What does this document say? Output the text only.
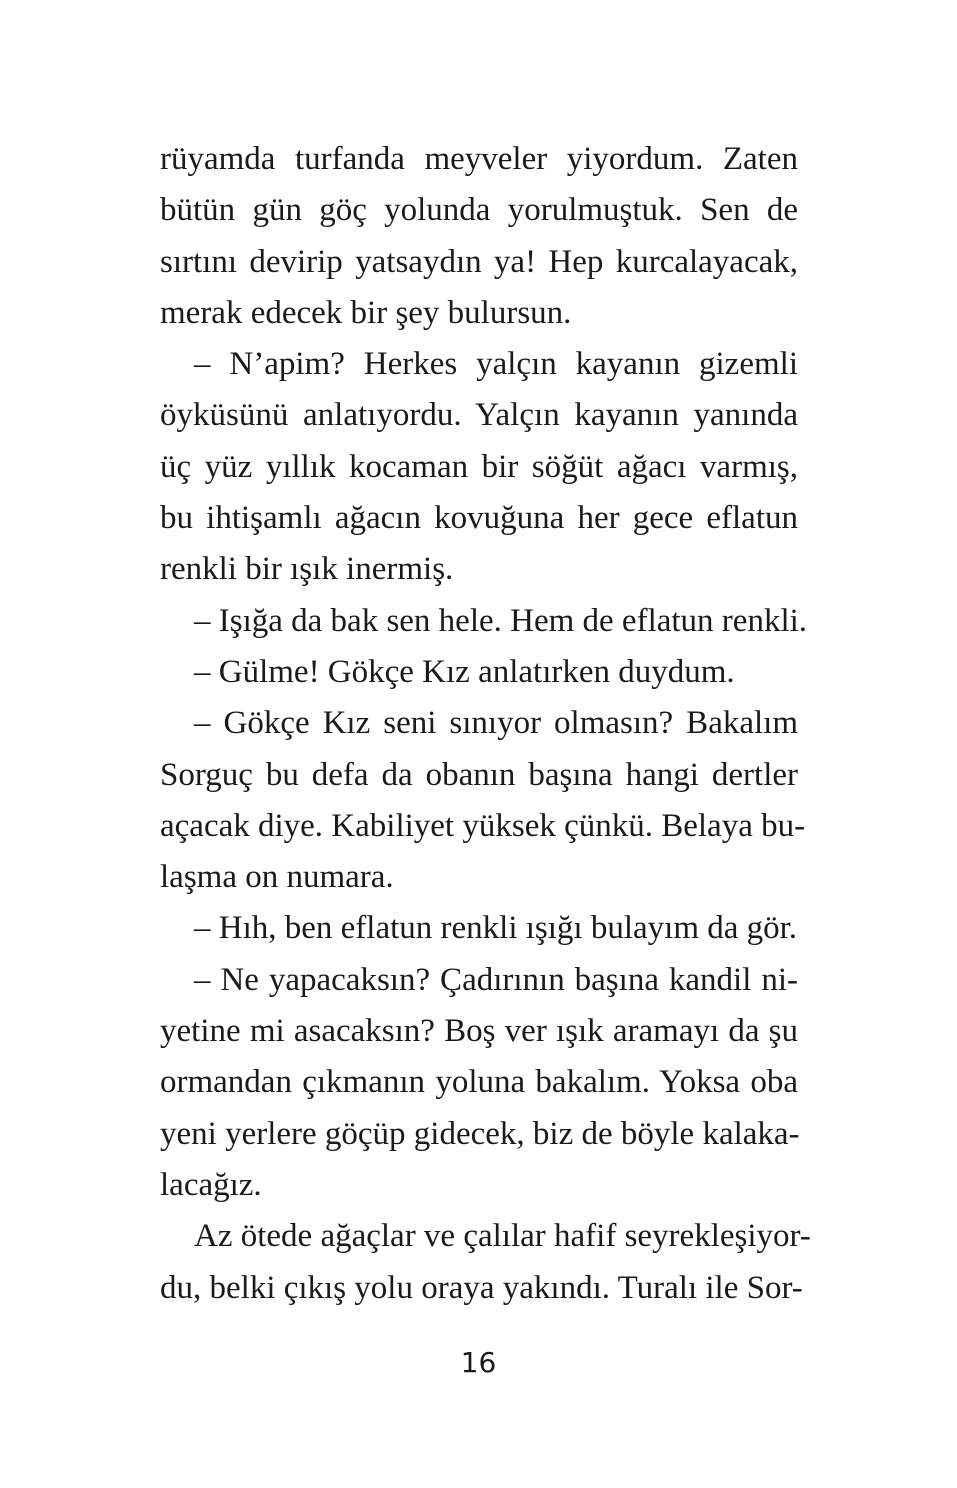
rüyamda turfanda meyveler yiyordum. Zaten
bütün gün göç yolunda yorulmuştuk. Sen de
sırtını devirip yatsaydın ya! Hep kurcalayacak,
merak edecek bir şey bulursun.
– N’apim? Herkes yalçın kayanın gizemli
öyküsünü anlatıyordu. Yalçın kayanın yanında
üç yüz yıllık kocaman bir söğüt ağacı varmış,
bu ihtişamlı ağacın kovuğuna her gece eflatun
renkli bir ışık inermiş.
– Işığa da bak sen hele. Hem de eflatun renkli.
– Gülme! Gökçe Kız anlatırken duydum.
– Gökçe Kız seni sınıyor olmasın? Bakalım
Sorguç bu defa da obanın başına hangi dertler
açacak diye. Kabiliyet yüksek çünkü. Belaya bu-
laşma on numara.
– Hıh, ben eflatun renkli ışığı bulayım da gör.
– Ne yapacaksın? Çadırının başına kandil ni-
yetine mi asacaksın? Boş ver ışık aramayı da şu
ormandan çıkmanın yoluna bakalım. Yoksa oba
yeni yerlere göçüp gidecek, biz de böyle kalaka-
lacağız.
Az ötede ağaçlar ve çalılar hafif seyrekleşiyor-
du, belki çıkış yolu oraya yakındı. Turalı ile Sor-
16
